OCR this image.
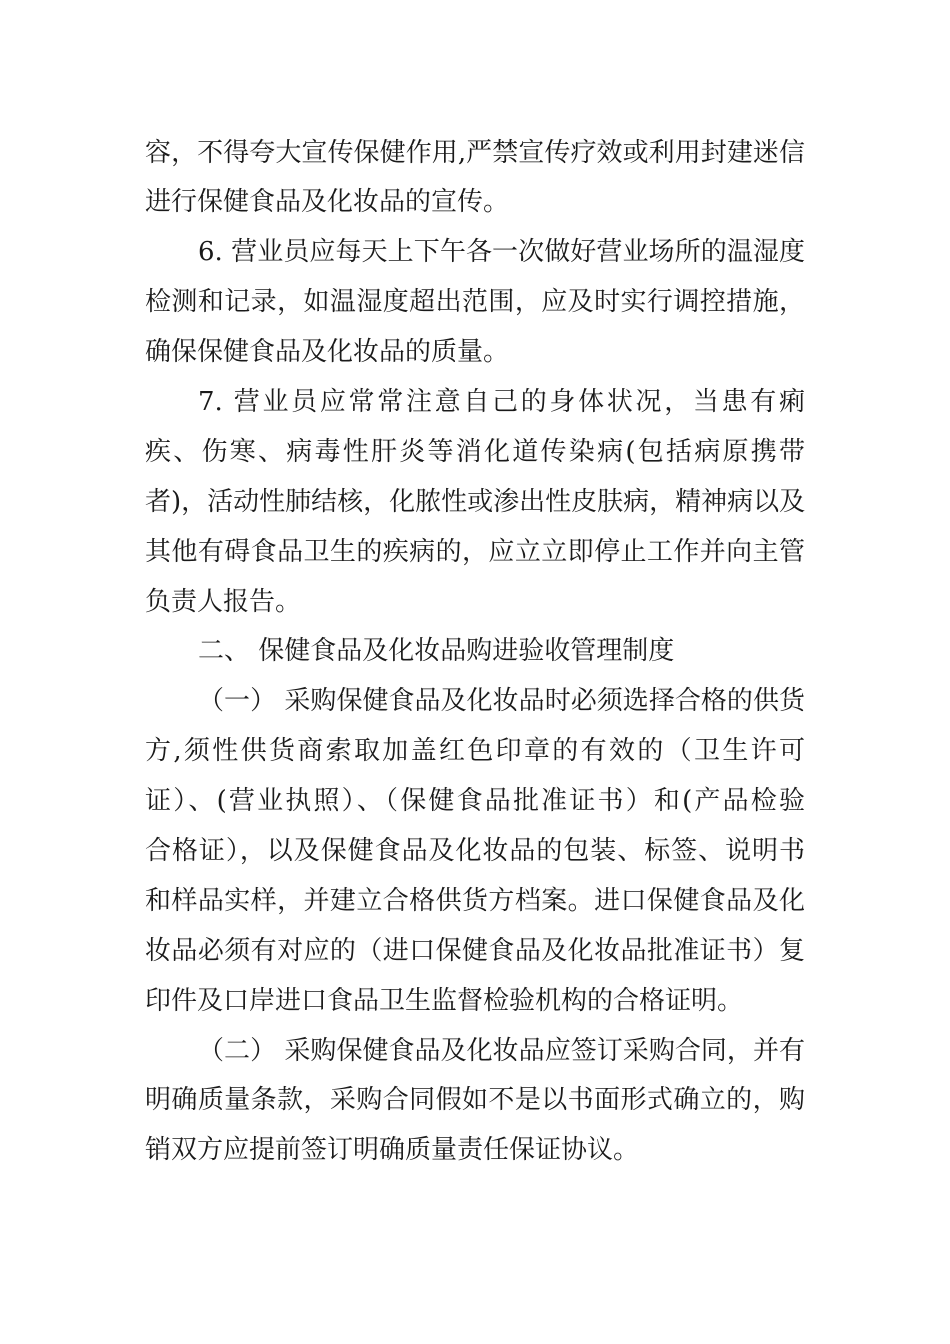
容，不得夸大宣传保健作用,严禁宣传疗效或利用封建迷信
进行保健食品及化妆品的宣传。
6. 营业员应每天上下午各一次做好营业场所的温湿度
检测和记录，如温湿度超出范围，应及时实行调控措施，
确保保健食品及化妆品的质量。
7. 营业员应常常注意自己的身体状况，当患有痢
疾、伤寒、病毒性肝炎等消化道传染病(包括病原携带
者)，活动性肺结核，化脓性或渗出性皮肤病，精神病以及
其他有碍食品卫生的疾病的，应立立即停止工作并向主管
负责人报告。
二、 保健食品及化妆品购进验收管理制度
（一） 采购保健食品及化妆品时必须选择合格的供货
方,须性供货商索取加盖红色印章的有效的（卫生许可
证）、(营业执照）、（保健食品批准证书）和(产品检验
合格证），以及保健食品及化妆品的包装、标签、说明书
和样品实样，并建立合格供货方档案。进口保健食品及化
妆品必须有对应的（进口保健食品及化妆品批准证书）复
印件及口岸进口食品卫生监督检验机构的合格证明。
（二） 采购保健食品及化妆品应签订采购合同，并有
明确质量条款，采购合同假如不是以书面形式确立的，购
销双方应提前签订明确质量责任保证协议。
